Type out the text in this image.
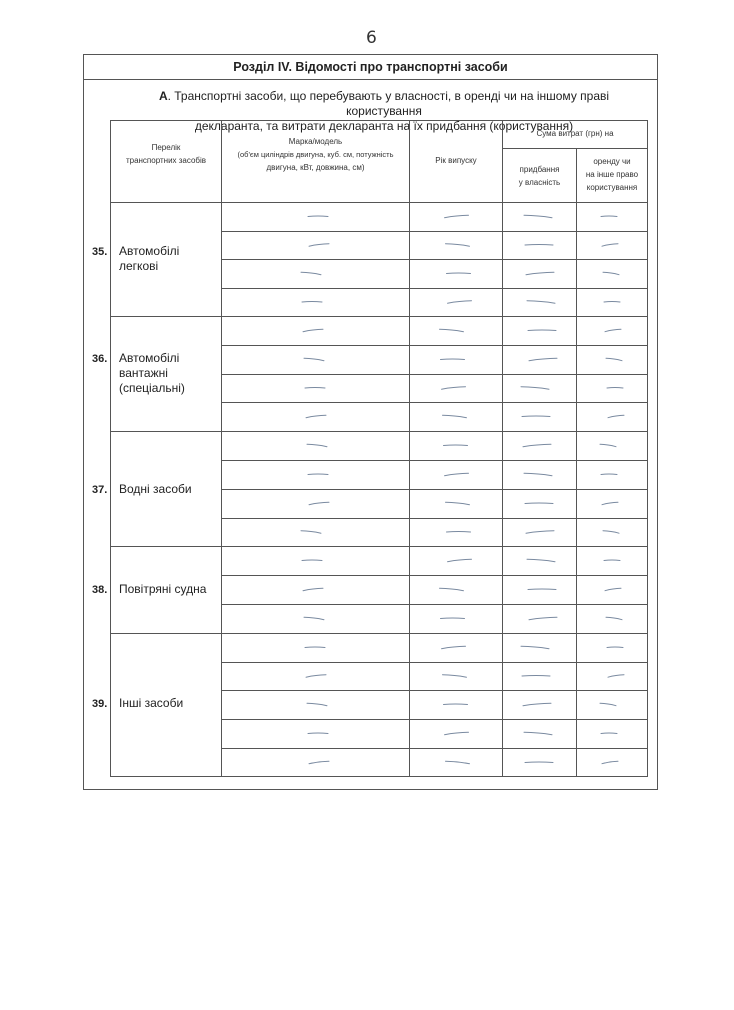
6
Розділ IV. Відомості про транспортні засоби
А. Транспортні засоби, що перебувають у власності, в оренді чи на іншому праві користування
декларанта, та витрати декларанта на їх придбання (користування)
Перелік
транспортних засобів
Марка/модель
(об'єм циліндрів двигуна, куб. см, потужність
двигуна, кВт, довжина, см)
Рік випуску
Сума витрат (грн) на
придбання
у власність
оренду чи
на інше право
користування
35. Автомобілі
легкові
36. Автомобілі
вантажні
(спеціальні)
37. Водні засоби
38. Повітряні судна
39. Інші засоби
